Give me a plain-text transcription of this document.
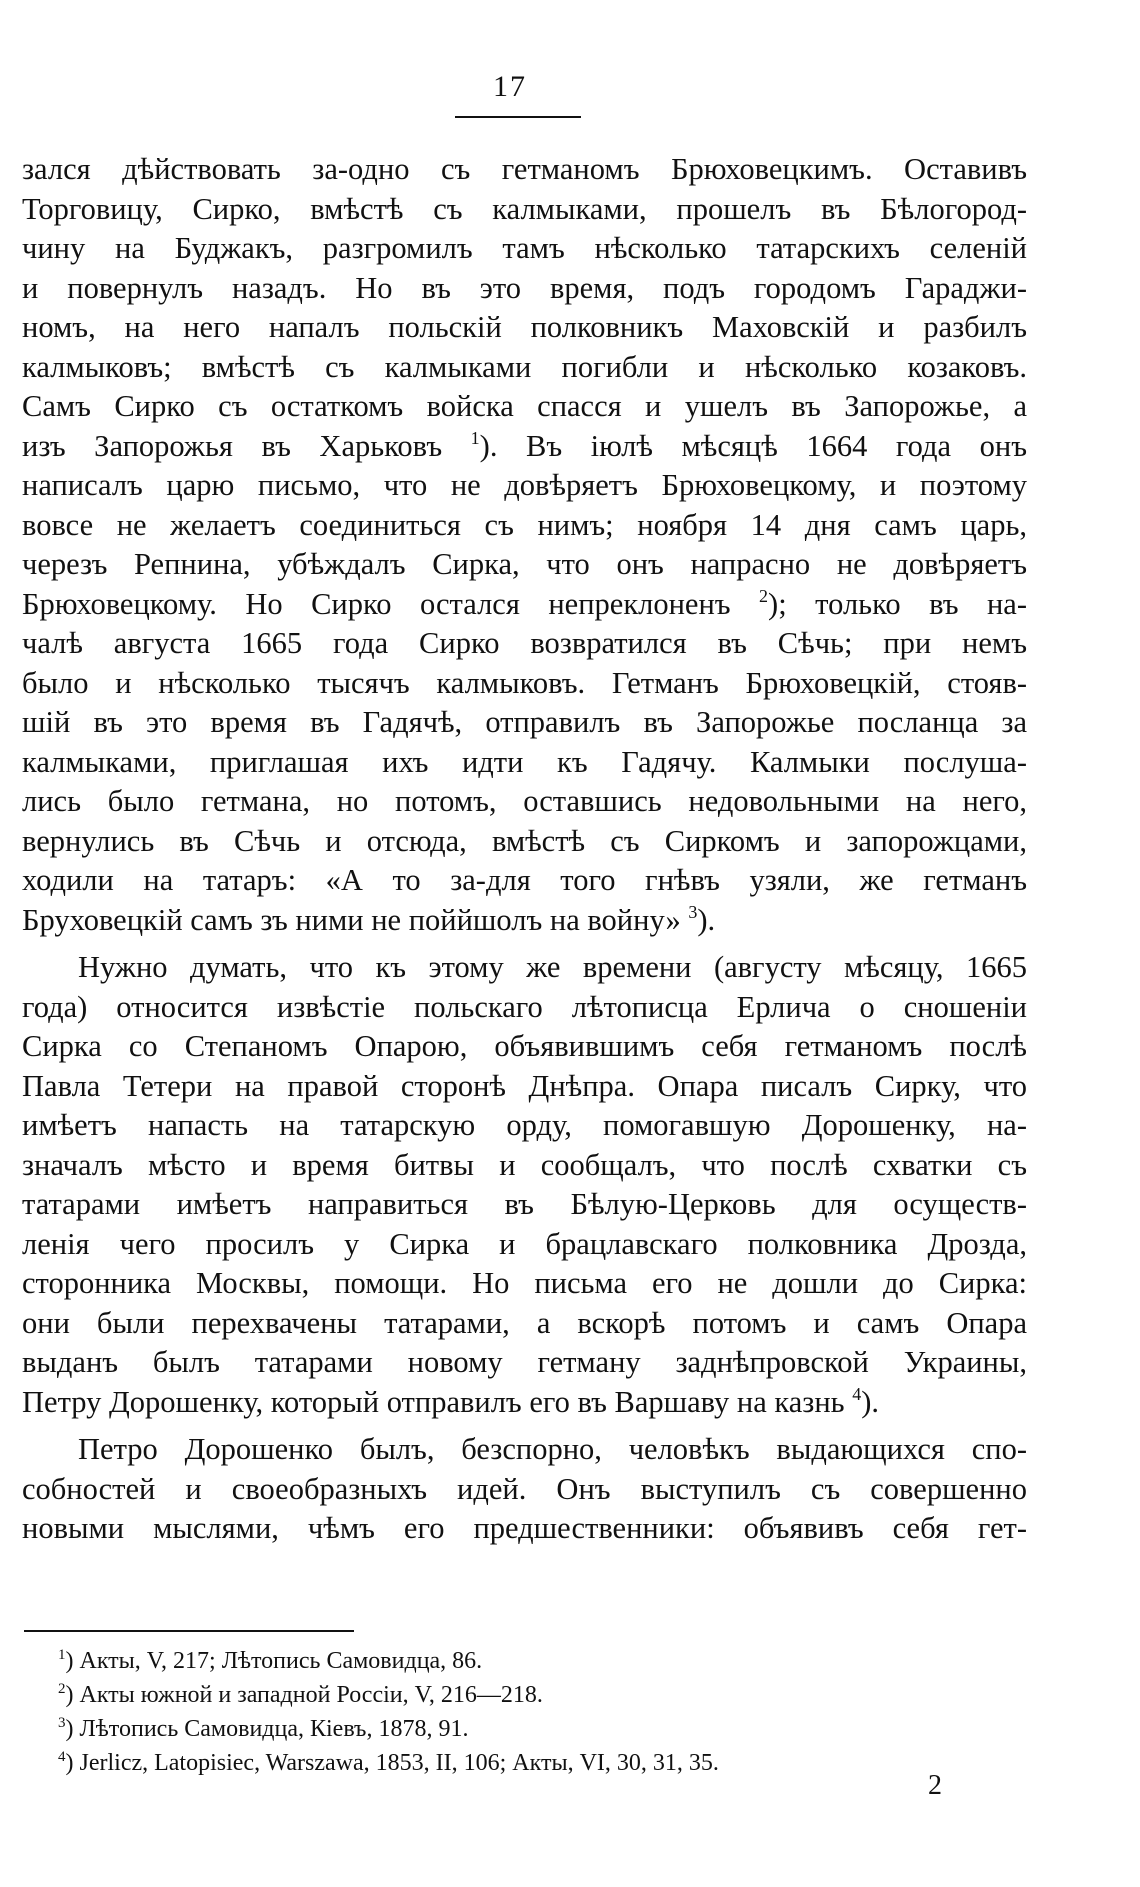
17
зался дѣйствовать за-одно съ гетманомъ Брюховецкимъ. Оставивъ
Торговицу, Сирко, вмѣстѣ съ калмыками, прошелъ въ Бѣлогород-
чину на Буджакъ, разгромилъ тамъ нѣсколько татарскихъ селеній
и повернулъ назадъ. Но въ это время, подъ городомъ Гараджи-
номъ, на него напалъ польскій полковникъ Маховскій и разбилъ
калмыковъ; вмѣстѣ съ калмыками погибли и нѣсколько козаковъ.
Самъ Сирко съ остаткомъ войска спасся и ушелъ въ Запорожье, а
изъ Запорожья въ Харьковъ $^1$). Въ іюлѣ мѣсяцѣ 1664 года онъ
написалъ царю письмо, что не довѣряетъ Брюховецкому, и поэтому
вовсе не желаетъ соединиться съ нимъ; ноября 14 дня самъ царь,
черезъ Репнина, убѣждалъ Сирка, что онъ напрасно не довѣряетъ
Брюховецкому. Но Сирко остался непреклоненъ $^2$); только въ на-
чалѣ августа 1665 года Сирко возвратился въ Сѣчь; при немъ
было и нѣсколько тысячъ калмыковъ. Гетманъ Брюховецкій, стояв-
шій въ это время въ Гадячѣ, отправилъ въ Запорожье посланца за
калмыками, приглашая ихъ идти къ Гадячу. Калмыки послуша-
лись было гетмана, но потомъ, оставшись недовольными на него,
вернулись въ Сѣчь и отсюда, вмѣстѣ съ Сиркомъ и запорожцами,
ходили на татаръ: «А то за-для того гнѣвъ узяли, же гетманъ
Бруховецкій самъ зъ ними не поййшолъ на войну» $^3$).
Нужно думать, что къ этому же времени (августу мѣсяцу, 1665
года) относится извѣстіе польскаго лѣтописца Ерлича о сношеніи
Сирка со Степаномъ Опарою, объявившимъ себя гетманомъ послѣ
Павла Тетери на правой сторонѣ Днѣпра. Опара писалъ Сирку, что
имѣетъ напасть на татарскую орду, помогавшую Дорошенку, на-
значалъ мѣсто и время битвы и сообщалъ, что послѣ схватки съ
татарами имѣетъ направиться въ Бѣлую-Церковь для осуществ-
ленія чего просилъ у Сирка и брацлавскаго полковника Дрозда,
сторонника Москвы, помощи. Но письма его не дошли до Сирка:
они были перехвачены татарами, а вскорѣ потомъ и самъ Опара
выданъ былъ татарами новому гетману заднѣпровской Украины,
Петру Дорошенку, который отправилъ его въ Варшаву на казнь $^4$).
Петро Дорошенко былъ, безспорно, человѣкъ выдающихся спо-
собностей и своеобразныхъ идей. Онъ выступилъ съ совершенно
новыми мыслями, чѣмъ его предшественники: объявивъ себя гет-
$^1$) Акты, V, 217; Лѣтопись Самовидца, 86.
$^2$) Акты южной и западной Россіи, V, 216—218.
$^3$) Лѣтопись Самовидца, Кіевъ, 1878, 91.
$^4$) Jerlicz, Latopisiec, Warszawa, 1853, II, 106; Акты, VI, 30, 31, 35.
2
